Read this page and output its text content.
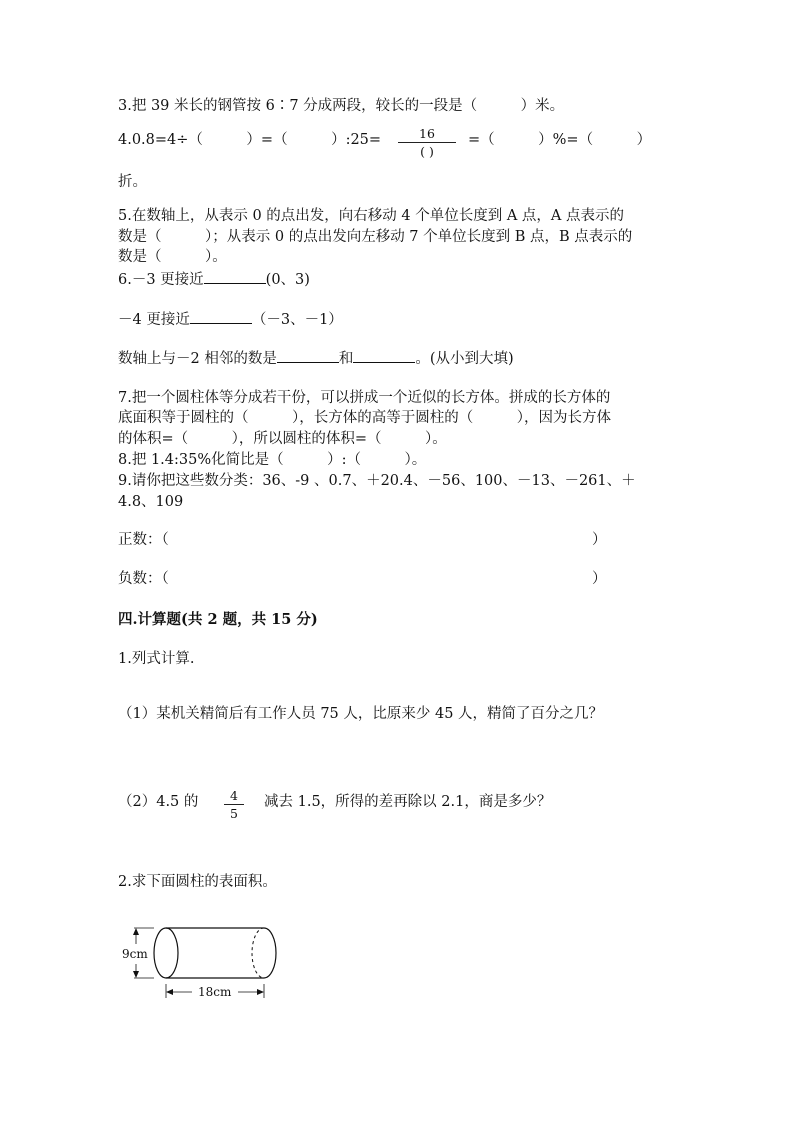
3.把 39 米长的钢管按 6∶7 分成两段，较长的一段是（　　　）米。
4.0.8=4÷（　　　）=（　　　）:25=	16
( )
=（　　　）%=（　　　）
折。
5.在数轴上，从表示 0 的点出发，向右移动 4 个单位长度到 A 点，A 点表示的
数是（　　　）；从表示 0 的点出发向左移动 7 个单位长度到 B 点，B 点表示的
数是（　　　）。
6.－3 更接近	(0、3)
－4 更接近	（－3、－1）
数轴上与－2 相邻的数是	和	。(从小到大填)
7.把一个圆柱体等分成若干份，可以拼成一个近似的长方体。拼成的长方体的
底面积等于圆柱的（　　　），长方体的高等于圆柱的（　　　），因为长方体
的体积=（　　　），所以圆柱的体积=（　　　）。
8.把 1.4:35%化简比是（　　　）:（　　　）。
9.请你把这些数分类：36、-9 、0.7、＋20.4、－56、100、－13、－261、＋
4.8、109
正数：（	）
负数：（	）
四.计算题(共 2 题，共 15 分)
1.列式计算.
（1）某机关精简后有工作人员 75 人，比原来少 45 人，精简了百分之几？
（2）4.5 的	4
5
减去 1.5，所得的差再除以 2.1，商是多少？
2.求下面圆柱的表面积。
9cm
18cm
